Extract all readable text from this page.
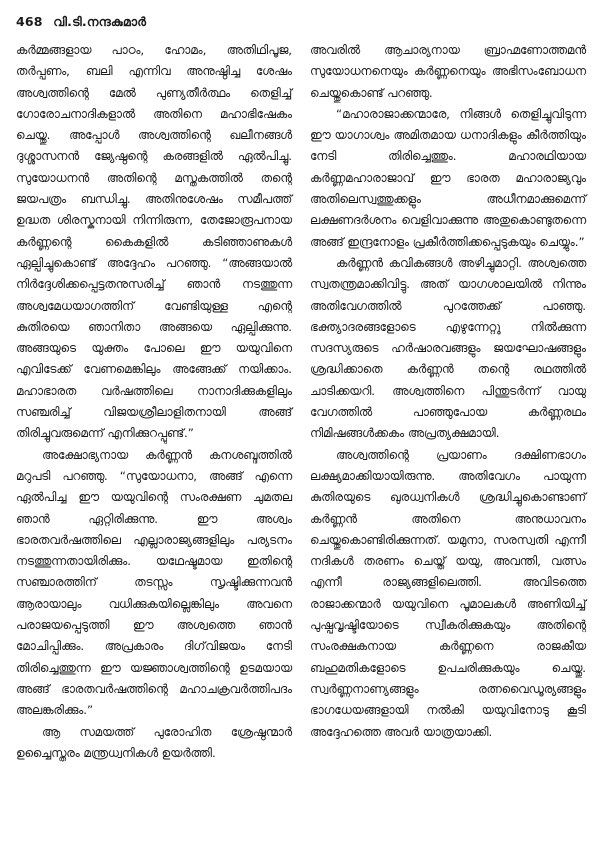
468 വി.ടി.നന്ദകുമാർ

കർമ്മങ്ങളായ പാഠം, ഹോമം, അതിഥിപൂജ, തർപ്പണം, ബലി എന്നിവ അനുഷ്ഠിച്ച ശേഷം അശ്വത്തിന്റെ മേൽ പുണ്യതീർത്ഥം തെളിച്ച് ഗോരോചനാദികളാൽ അതിനെ മഹാഭിഷേകം ചെയ്തു. അപ്പോൾ അശ്വത്തിന്റെ ഖലീനങ്ങൾ ദുശ്ശാസനൻ ജ്യേഷ്ഠന്റെ കരങ്ങളിൽ ഏൽപിച്ചു. സുയോധനൻ അതിന്റെ മസ്തകത്തിൽ തന്റെ ജയപത്രം ബന്ധിച്ചു. അതിനുശേഷം സമീപത്ത് ഉദ്ധത ശിരസ്കനായി നിന്നിരുന്ന, തേജോരൂപനായ കർണ്ണന്റെ കൈകളിൽ കടിഞ്ഞാണുകൾ ഏല്പിച്ചുകൊണ്ട് അദ്ദേഹം പറഞ്ഞു. “അങ്ങയാൽ നിർദ്ദേശിക്കപ്പെട്ടതനുസരിച്ച് ഞാൻ നടത്തുന്ന അശ്വമേധയാഗത്തിന് വേണ്ടിയുള്ള എന്റെ കുതിരയെ ഞാനിതാ അങ്ങയെ ഏല്പിക്കുന്നു. അങ്ങയുടെ യുക്തം പോലെ ഈ യയുവിനെ എവിടേക്ക് വേണമെങ്കിലും അങ്ങേക്ക് നയിക്കാം. മഹാഭാരത വർഷത്തിലെ നാനാദിക്കുകളിലും സഞ്ചരിച്ച് വിജയശ്രീലാളിതനായി അങ്ങ് തിരിച്ചുവരുമെന്ന് എനിക്കുറപ്പുണ്ട്.”

അക്ഷോഭ്യനായ കർണ്ണൻ കനശബ്ദത്തിൽ മറുപടി പറഞ്ഞു. “സുയോധനാ, അങ്ങ് എന്നെ ഏൽപിച്ച ഈ യയുവിന്റെ സംരക്ഷണ ചുമതല ഞാൻ ഏറ്റിരിക്കുന്നു. ഈ അശ്വം ഭാരതവർഷത്തിലെ എല്ലാരാജ്യങ്ങളിലും പര്യടനം നടത്തുന്നതായിരിക്കും. യഥേഷ്ടമായ ഇതിന്റെ സഞ്ചാരത്തിന് തടസ്സം സൃഷ്ടിക്കുന്നവൻ ആരായാലും വധിക്കുകയില്ലെങ്കിലും അവനെ പരാജയപ്പെടുത്തി ഈ അശ്വത്തെ ഞാൻ മോചിപ്പിക്കും. അപ്രകാരം ദിഗ്‌വിജയം നേടി തിരിച്ചെത്തുന്ന ഈ യജ്ഞാശ്വത്തിന്റെ ഉടമയായ അങ്ങ് ഭാരതവർഷത്തിന്റെ മഹാചക്രവർത്തിപദം അലങ്കരിക്കും.”

ആ സമയത്ത് പുരോഹിത ശ്രേഷ്ഠന്മാർ ഉച്ചൈസ്തരം മന്ത്രധ്വനികൾ ഉയർത്തി.

അവരിൽ ആചാര്യനായ ബ്രാഹ്മണോത്തമൻ സുയോധനനെയും കർണ്ണനെയും അഭിസംബോധന ചെയ്തുകൊണ്ട് പറഞ്ഞു.

“മഹാരാജാക്കന്മാരേ, നിങ്ങൾ തെളിച്ചുവിടുന്ന ഈ യാഗാശ്വം അമിതമായ ധനാദികളും കീർത്തിയും നേടി തിരിച്ചെത്തും. മഹാരഥിയായ കർണ്ണമഹാരാജാവ് ഈ ഭാരത മഹാരാജ്യവും അതിലെസ്വത്തുക്കളും അധീനമാക്കുമെന്ന് ലക്ഷണദർശനം വെളിവാക്കുന്നു അതുകൊണ്ടുതന്നെ അങ്ങ് ഇന്ദ്രനോളം പ്രകീർത്തിക്കപ്പെടുകയും ചെയ്യും.”

കർണ്ണൻ കവികങ്ങൾ അഴിച്ചുമാറ്റി. അശ്വത്തെ സ്വതന്ത്രമാക്കിവിട്ടു. അത് യാഗശാലയിൽ നിന്നും അതിവേഗത്തിൽ പുറത്തേക്ക് പാഞ്ഞു. ഭക്ത്യാദരങ്ങളോടെ എഴുന്നേറ്റു നിൽക്കുന്ന സദസ്യരുടെ ഹർഷാരവങ്ങളും ജയഘോഷങ്ങളും ശ്രദ്ധിക്കാതെ കർണ്ണൻ തന്റെ രഥത്തിൽ ചാടിക്കയറി. അശ്വത്തിനെ പിന്തുടർന്ന് വായു വേഗത്തിൽ പാഞ്ഞുപോയ കർണ്ണരഥം നിമിഷങ്ങൾക്കകം അപ്രത്യക്ഷമായി.

അശ്വത്തിന്റെ പ്രയാണം ദക്ഷിണഭാഗം ലക്ഷ്യമാക്കിയായിരുന്നു. അതിവേഗം പായുന്ന കുതിരയുടെ ഖുരധ്വനികൾ ശ്രദ്ധിച്ചുകൊണ്ടാണ് കർണ്ണൻ അതിനെ അനുധാവനം ചെയ്തുകൊണ്ടിരിക്കുന്നത്. യമുനാ, സരസ്വതി എന്നീ നദികൾ തരണം ചെയ്ത് യയു, അവന്തി, വത്സം എന്നീ രാജ്യങ്ങളിലെത്തി. അവിടത്തെ രാജാക്കന്മാർ യയുവിനെ പൂമാലകൾ അണിയിച്ച് പുഷ്പവൃഷ്ടിയോടെ സ്വീകരിക്കുകയും അതിന്റെ സംരക്ഷകനായ കർണ്ണനെ രാജകീയ ബഹുമതികളോടെ ഉപചരിക്കുകയും ചെയ്തു. സ്വർണ്ണനാണ്യങ്ങളും രത്നവൈഡൂര്യങ്ങളും ഭാഗധേയങ്ങളായി നൽകി യയുവിനോടു കൂടി അദ്ദേഹത്തെ അവർ യാത്രയാക്കി.
